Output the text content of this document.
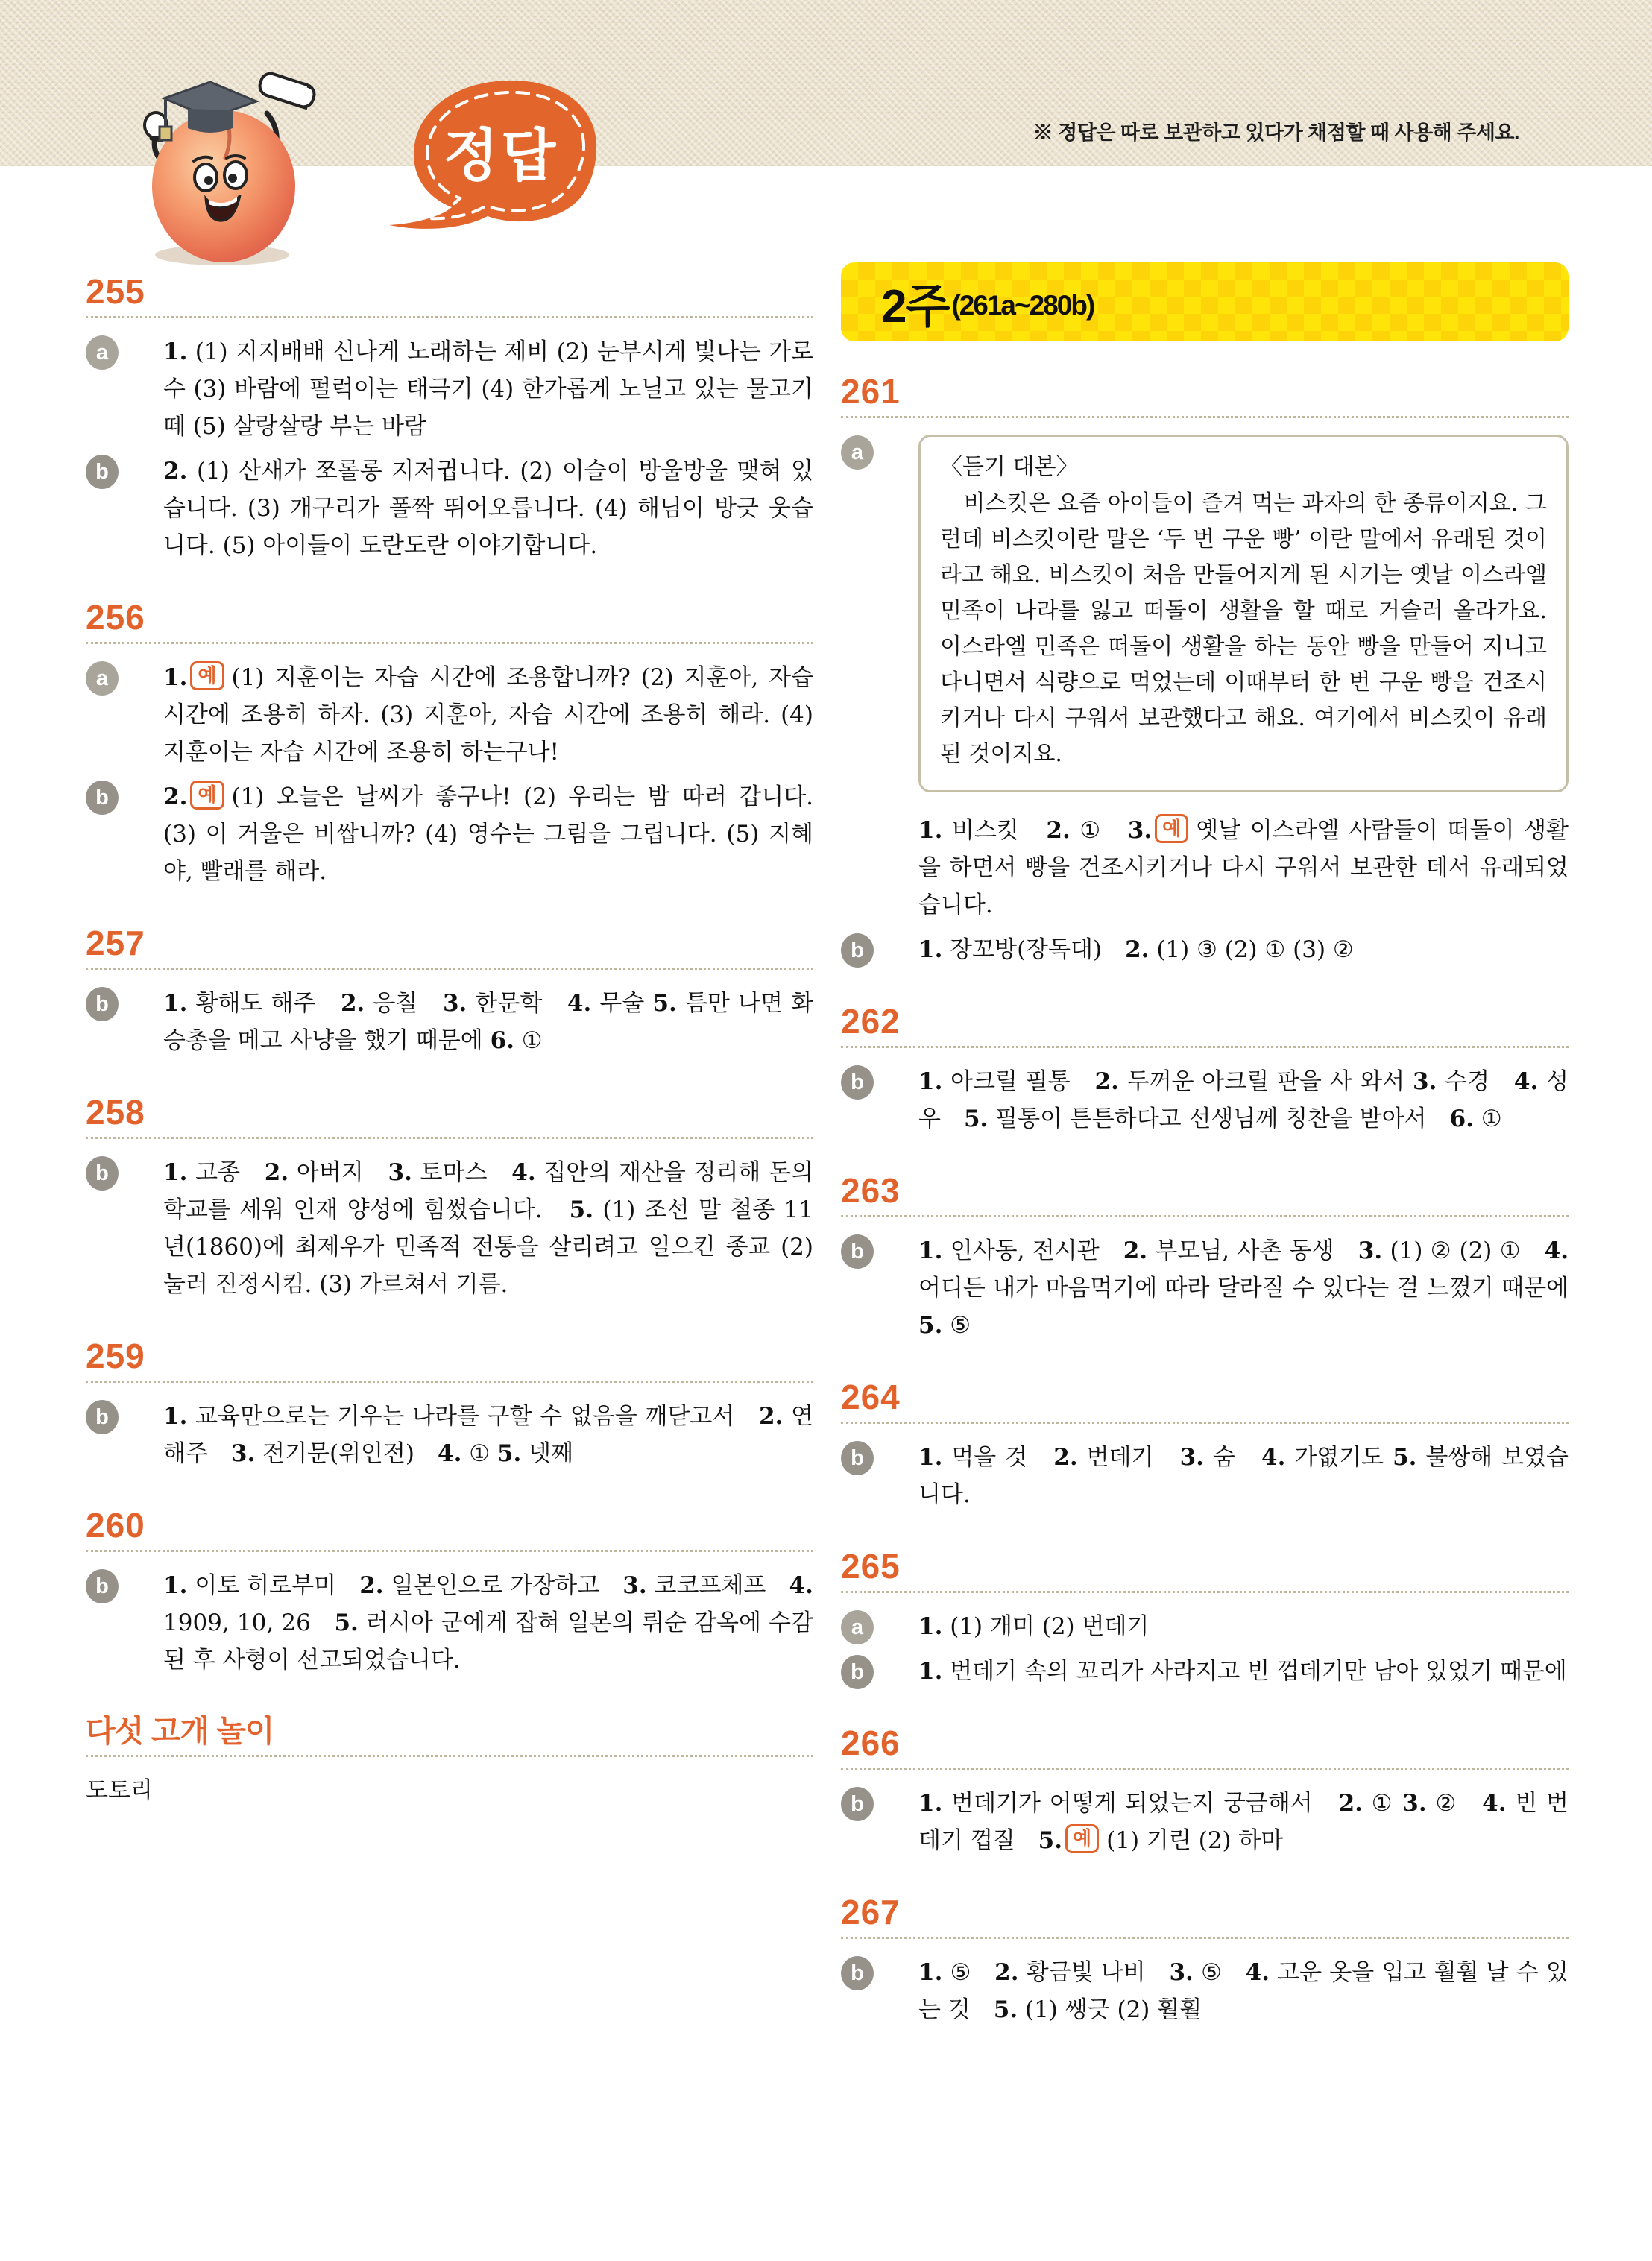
정답	※ 정답은 따로 보관하고 있다가 채점할 때 사용해 주세요.
255
a	1. (1) 지지배배 신나게 노래하는 제비 (2) 눈부시게 빛나는 가로수 (3) 바람에 펄럭이는 태극기 (4) 한가롭게 노닐고 있는 물고기 떼 (5) 살랑살랑 부는 바람
b	2. (1) 산새가 쪼롤롱 지저귑니다. (2) 이슬이 방울방울 맺혀 있습니다. (3) 개구리가 폴짝 뛰어오릅니다. (4) 해님이 방긋 웃습니다. (5) 아이들이 도란도란 이야기합니다.
256
a	1. 예 (1) 지훈이는 자습 시간에 조용합니까? (2) 지훈아, 자습 시간에 조용히 하자. (3) 지훈아, 자습 시간에 조용히 해라. (4) 지훈이는 자습 시간에 조용히 하는구나!
b	2. 예 (1) 오늘은 날씨가 좋구나! (2) 우리는 밤 따러 갑니다. (3) 이 거울은 비쌉니까? (4) 영수는 그림을 그립니다. (5) 지혜야, 빨래를 해라.
257
b	1. 황해도 해주　2. 응칠　3. 한문학　4. 무술 5. 틈만 나면 화승총을 메고 사냥을 했기 때문에 6. ①
258
b	1. 고종　2. 아버지　3. 토마스　4. 집안의 재산을 정리해 돈의 학교를 세워 인재 양성에 힘썼습니다.　5. (1) 조선 말 철종 11년(1860)에 최제우가 민족적 전통을 살리려고 일으킨 종교 (2) 눌러 진정시킴. (3) 가르쳐서 기름.
259
b	1. 교육만으로는 기우는 나라를 구할 수 없음을 깨닫고서　2. 연해주　3. 전기문(위인전)　4. ① 5. 넷째
260
b	1. 이토 히로부미　2. 일본인으로 가장하고　3. 코코프체프　4. 1909, 10, 26　5. 러시아 군에게 잡혀 일본의 뤼순 감옥에 수감된 후 사형이 선고되었습니다.
다섯 고개 놀이
도토리
2주 (261a~280b)
261
a
〈듣기 대본〉

비스킷은 요즘 아이들이 즐겨 먹는 과자의 한 종류이지요. 그런데 비스킷이란 말은 ‘두 번 구운 빵’ 이란 말에서 유래된 것이라고 해요. 비스킷이 처음 만들어지게 된 시기는 옛날 이스라엘 민족이 나라를 잃고 떠돌이 생활을 할 때로 거슬러 올라가요. 이스라엘 민족은 떠돌이 생활을 하는 동안 빵을 만들어 지니고 다니면서 식량으로 먹었는데 이때부터 한 번 구운 빵을 건조시키거나 다시 구워서 보관했다고 해요. 여기에서 비스킷이 유래된 것이지요.

1. 비스킷　2. ①　3. 예 옛날 이스라엘 사람들이 떠돌이 생활을 하면서 빵을 건조시키거나 다시 구워서 보관한 데서 유래되었습니다.
b	1. 장꼬방(장독대)　2. (1) ③ (2) ① (3) ②
262
b	1. 아크릴 필통　2. 두꺼운 아크릴 판을 사 와서 3. 수경　4. 성우　5. 필통이 튼튼하다고 선생님께 칭찬을 받아서　6. ①
263
b	1. 인사동, 전시관　2. 부모님, 사촌 동생　3. (1) ② (2) ①　4. 어디든 내가 마음먹기에 따라 달라질 수 있다는 걸 느꼈기 때문에　5. ⑤
264
b	1. 먹을 것　2. 번데기　3. 숨　4. 가엾기도 5. 불쌍해 보였습니다.
265
a	1. (1) 개미 (2) 번데기
b	1. 번데기 속의 꼬리가 사라지고 빈 껍데기만 남아 있었기 때문에
266
b	1. 번데기가 어떻게 되었는지 궁금해서　2. ① 3. ②　4. 빈 번데기 껍질　5. 예 (1) 기린 (2) 하마
267
b	1. ⑤　2. 황금빛 나비　3. ⑤　4. 고운 옷을 입고 훨훨 날 수 있는 것　5. (1) 쌩긋 (2) 훨훨
